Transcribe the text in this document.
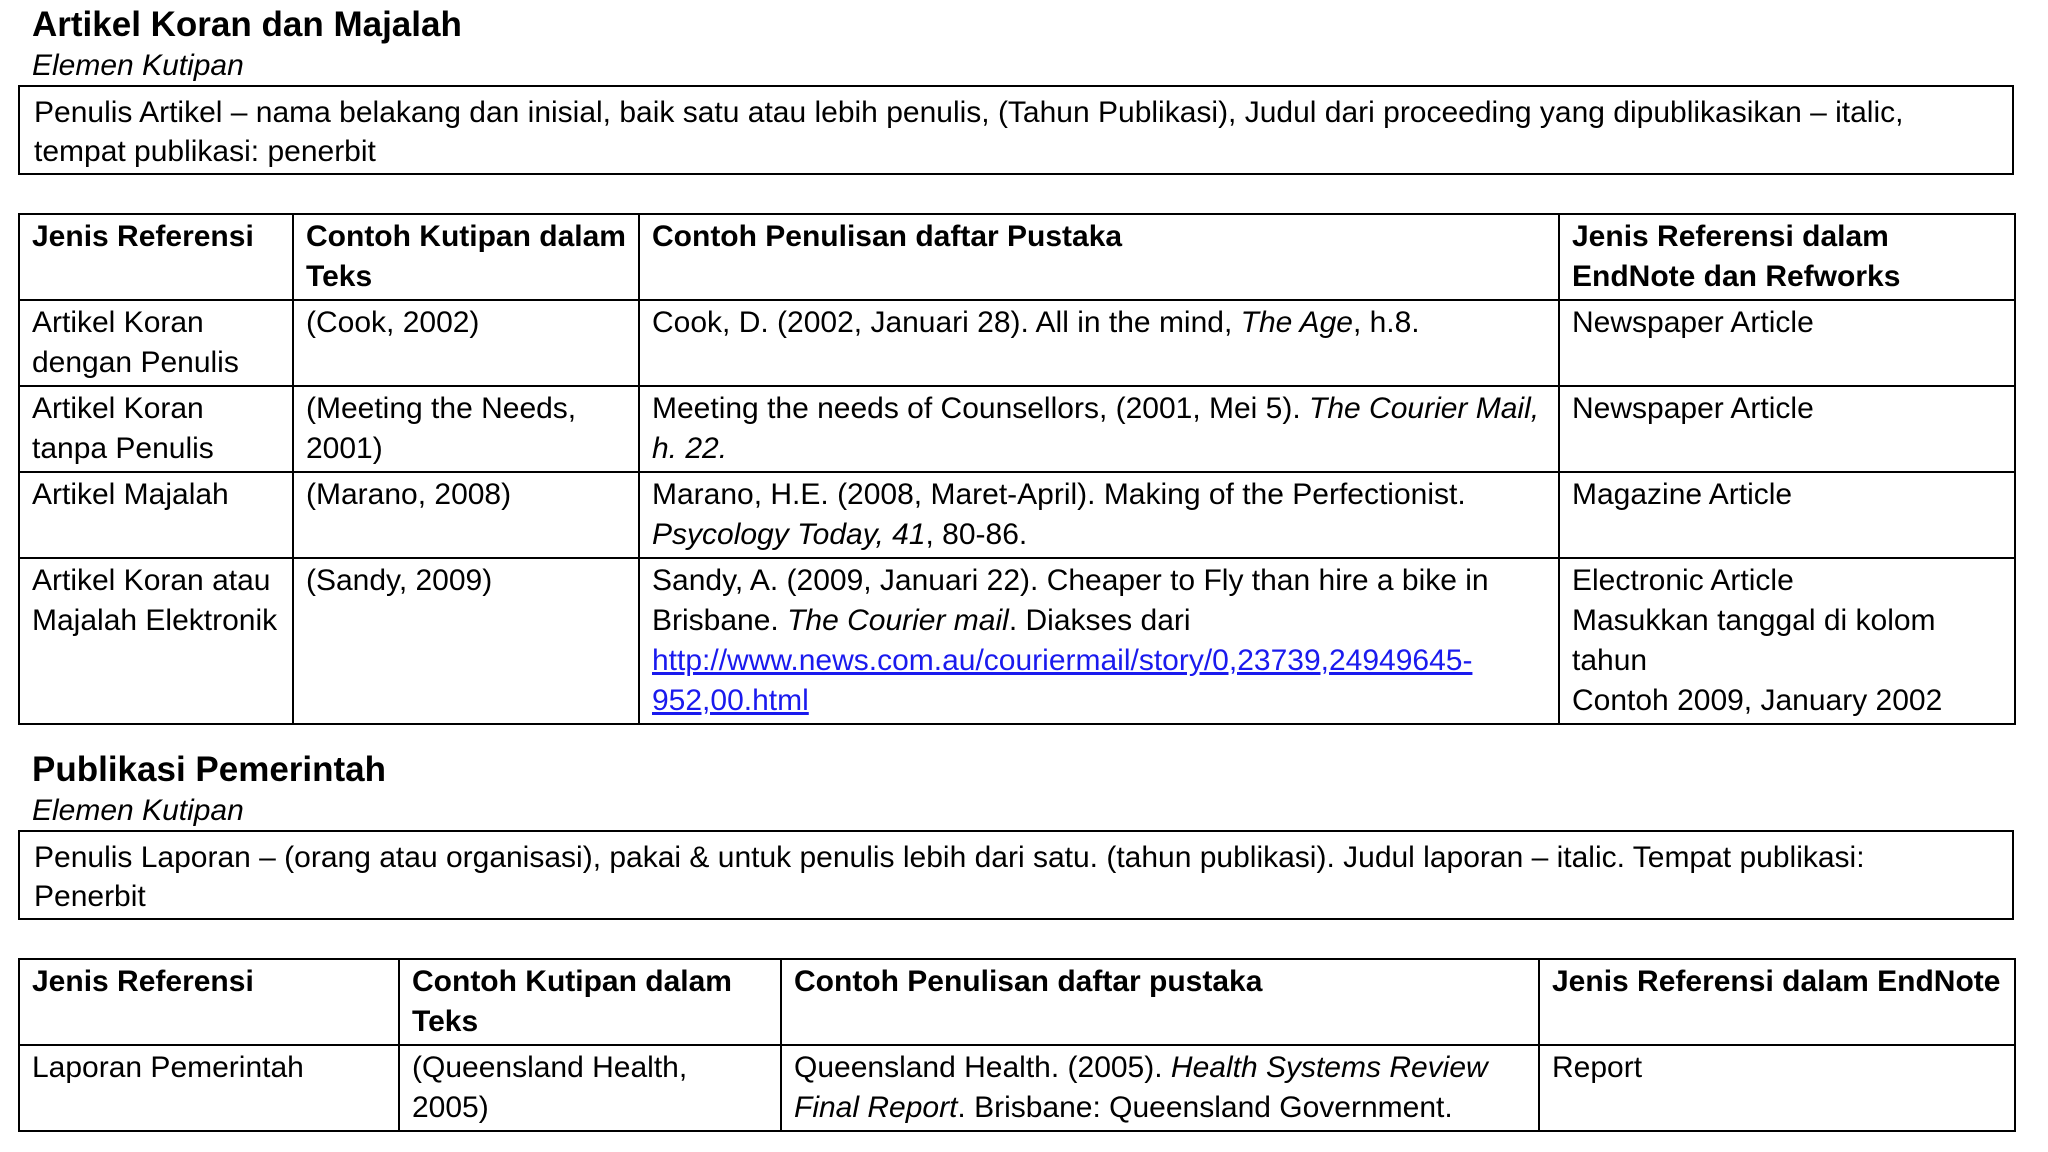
Artikel Koran dan Majalah
Elemen Kutipan
Penulis Artikel – nama belakang dan inisial, baik satu atau lebih penulis, (Tahun Publikasi), Judul dari proceeding yang dipublikasikan – italic,
tempat publikasi: penerbit
Jenis Referensi	Contoh Kutipan dalam Teks	Contoh Penulisan daftar Pustaka	Jenis Referensi dalam EndNote dan Refworks
Artikel Koran dengan Penulis	(Cook, 2002)	Cook, D. (2002, Januari 28). All in the mind, The Age, h.8.	Newspaper Article
Artikel Koran tanpa Penulis	(Meeting the Needs, 2001)	Meeting the needs of Counsellors, (2001, Mei 5). The Courier Mail, h. 22.	Newspaper Article
Artikel Majalah	(Marano, 2008)	Marano, H.E. (2008, Maret-April). Making of the Perfectionist. Psycology Today, 41, 80-86.	Magazine Article
Artikel Koran atau Majalah Elektronik	(Sandy, 2009)	Sandy, A. (2009, Januari 22). Cheaper to Fly than hire a bike in Brisbane. The Courier mail. Diakses dari http://www.news.com.au/couriermail/story/0,23739,24949645-952,00.html	Electronic Article
Masukkan tanggal di kolom tahun
Contoh 2009, January 2002
Publikasi Pemerintah
Elemen Kutipan
Penulis Laporan – (orang atau organisasi), pakai & untuk penulis lebih dari satu. (tahun publikasi). Judul laporan – italic. Tempat publikasi:
Penerbit
Jenis Referensi	Contoh Kutipan dalam Teks	Contoh Penulisan daftar pustaka	Jenis Referensi dalam EndNote
Laporan Pemerintah	(Queensland Health, 2005)	Queensland Health. (2005). Health Systems Review Final Report. Brisbane: Queensland Government.	Report
